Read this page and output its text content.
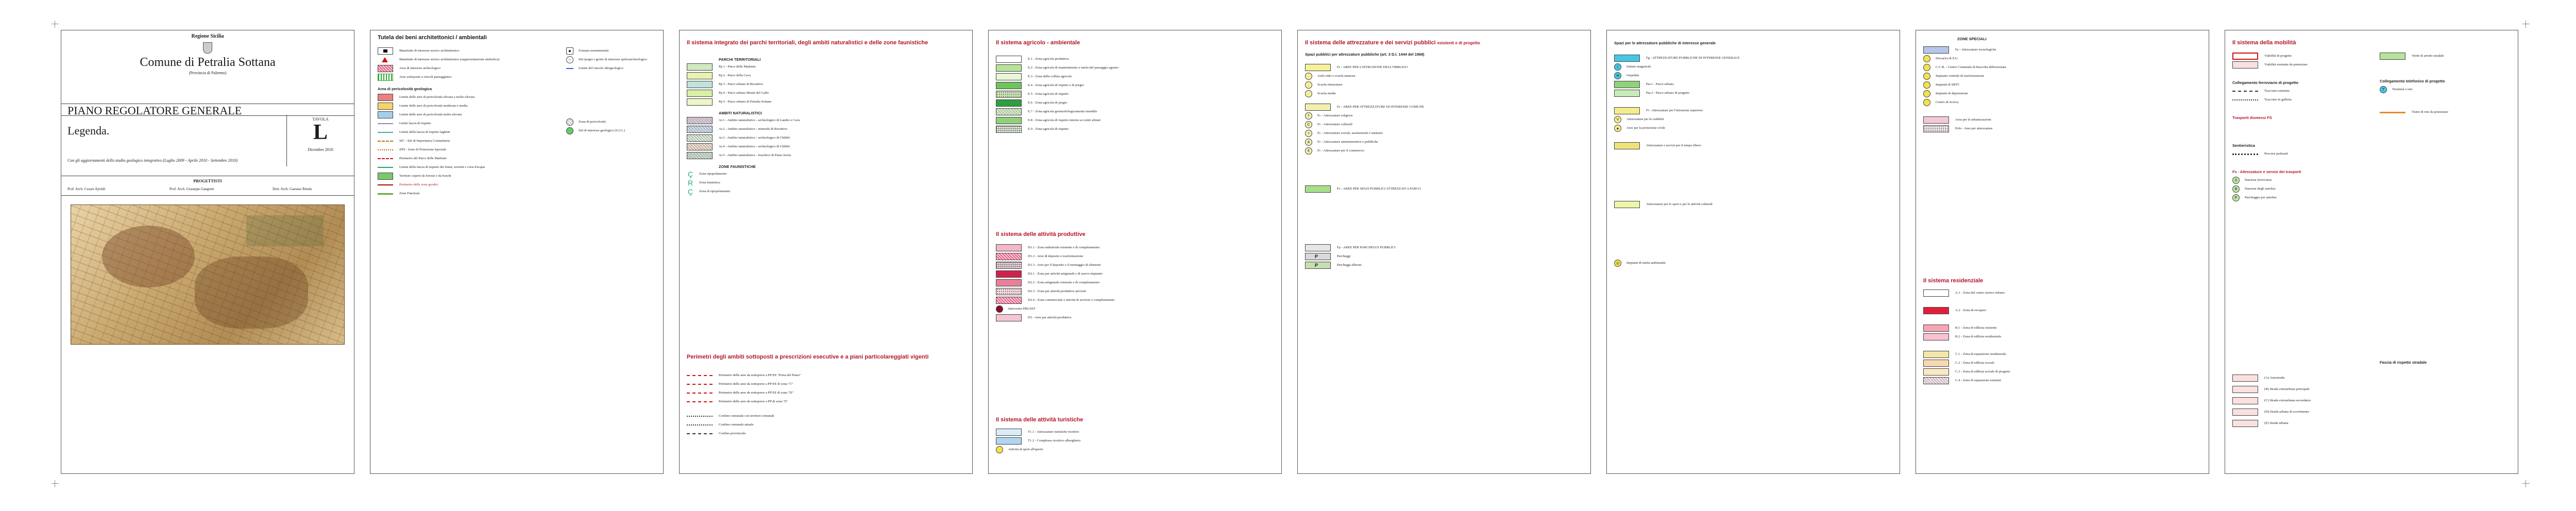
Regione Sicilia
Comune di Petralia Sottana
(Provincia di Palermo)
PIANO REGOLATORE GENERALE
Legenda.
TAVOLA
L
Dicembre 2010
Con gli aggiornamenti dello studio geologico integrativo (Luglio 2009 - Aprile 2010 - Settembre 2010)
PROGETTISTI
Prof. Arch. Cesare Ajroldi	Prof. Arch. Giuseppe Gangemi	Dott. Arch. Gaetano Renda
Tutela dei beni architettonici / ambientali
Manufatto di interesse storico architettonico
Manufatto di interesse storico architettonico (rappresentazione simbolica)
Area di interesse archeologico
Aree sottoposte a vincoli paesaggistici
Area di pericolosità geologica
Limite delle aree di pericolosità elevata e molto elevata
Limite delle aree di pericolosità moderata e media
Limite delle aree di pericolosità molto elevata
Limiti fascia di rispetto
Limite della fascia di rispetto laghetti
SIC - Siti di Importanza Comunitaria
ZPS - Zone di Protezione Speciale
Perimetro del Parco delle Madonie
Limite della fascia di rispetto dei fiumi, torrenti e corsi d'acqua
Territori coperti da foreste e da boschi
Perimetro delle zone geodici
Zone Funzione
◆	Fontana monumentale
∩	Siti ipogei e grotte di interesse speleoarcheologico
Limite del vincolo idrogeologico
Zona di pericolosità
Siti di interesse geologico (S.I.G.)
Il sistema integrato dei parchi territoriali, degli ambiti naturalistici e delle zone faunistiche
PARCHI TERRITORIALI
Pp.1 - Parco delle Madonie
Pp.2 - Parco della Cava
Pp.3 - Parco urbano di Recattivo
Pp.4 - Parco urbano Monte del Gallo
Pp.5 - Parco urbano di Petralia Sottana
AMBITI NATURALISTICI
Ar.1 - Ambito naturalistico - archeologico di Landro e Cava
Ar.2 - Ambito naturalistico - minerale di Recattivo
Ar.3 - Ambito naturalistico - archeologico di Chibbò
Ar.4 - Ambito naturalistico - archeologico di Chibbò
Ar.5 - Ambito naturalistico - boschivo di Piano Inven
ZONE FAUNISTICHE
Ç Zona ripopolamento
R Zona faunistica
Ç Zona di ripopolamento
Perimetri degli ambiti sottoposti a prescrizioni esecutive e a piani particolareggiati vigenti
Perimetro delle aree da sottoporre a PP EE "Porta del Piano"
Perimetro delle aree da sottoporre a PP EE di zona "C"
Perimetro delle aree da sottoporre a PP EE di zona "D"
Perimetro delle aree da sottoporre a PP di zona "E"
Confine comunale con territori comunali
Confine comunale attuale
Confine provinciale
Il sistema agricolo - ambientale
E.1 - Zona agricola produttiva
E.2 - Zona agricola di mantenimento e tutela del paesaggio agrario
E.3 - Zona della collina agricola
E.4 - Zona agricola di rispetto e di pregio
E.5 - Zona agricola di rispetto
E.6 - Zona agricola di pregio
E.7 - Zona agricola geomorfologicamente instabile
E.8 - Zona agricola di rispetto intorno ai centri abitati
E.9 - Zona agricola di rispetto
Il sistema delle attività produttive
D1.1 - Zona industriale esistente e di completamento
D1.2 - Aree di deposito e trasformazione
D1.3 - Aree per il deposito e il montaggio di elementi
D2.1 - Zona per attività artigianali e di nuovo impianto
D2.2 - Zona artigianale esistente e di completamento
D2.3 - Zona per attività produttive previste
D2.4 - Zona commerciale e attività di servizio e completamento
Intervento PRUSST
D3 - Aree per attività produttive
Il sistema delle attività turistiche
T1.1 - Attrezzature turistiche ricettive
T1.2 - Complesso ricettivo alberghiero
Attività di sport all'aperto
Il sistema delle attrezzature e dei servizi pubblici esistenti e di progetto
Spazi pubblici per attrezzature pubbliche (art. 3 D.I. 1444 del 1968)
Fs - AREE PER L'ISTRUZIONE DELL'OBBLIGO
·	Asilo nido e scuola materna
·	Scuola elementare
·	Scuola media
Fc - AREE PER ATTREZZATURE DI INTERESSE COMUNE
†	Fc - Attrezzature religiose
C	Fc - Attrezzature culturali
+	Fc - Attrezzature sociali, assistenziali e sanitarie
A	Fc - Attrezzature amministrative e pubbliche
€	Fc - Attrezzature per il commercio
Fv - AREE PER SPAZI PUBBLICI ATTREZZATI A PARCO
Fp - AREE PER PARCHEGGI PUBBLICI
P	Parcheggi
P	Parcheggi alberati
Spazi per le attrezzature pubbliche di interesse generale
Fg - ATTREZZATURE PUBBLICHE DI INTERESSE GENERALE
I	Istituto magistrale
H	Ospedale
Par.1 - Parco urbano
Par.2 - Parco urbano di progetto
Fi - Attrezzature per l'istruzione superiore
V	Attrezzature per la viabilità
▲	Aree per la protezione civile
Attrezzature e servizi per il tempo libero
Attrezzature per lo sport e per le attività culturali
◎	Impianti di tutela ambientale
ZONE SPECIALI
Fa - Attrezzature tecnologiche
Discarica R.S.U.
C.C.R. - Centro Comunale di Raccolta differenziata
Impianto centrale di trasformazione
Impianti di SRTC
Impianti di depurazione
Centro di ricerca
Area per le urbanizzazioni
Polo - Aree per attrezzature
Il sistema residenziale
A.1 - Zona del centro storico urbano
A.2 - Zona di recupero
B.1 - Zona di edilizia esistente
B.2 - Zona di edilizia residenziale
C.1 - Zona di espansione residenziale
C.2 - Zona di edilizia sociale
C.3 - Zona di edilizia sociale di progetto
C.4 - Zone di espansione esistenti
Il sistema della mobilità
Viabilità di progetto
Viabilità esistente da potenziare
Collegamento ferroviario di progetto
Tracciato esistente
Tracciato in galleria
Trasporti dismessi FS
Sentieristica
Percorsi pedonali
Fs - Attrezzature e servizi dei trasporti
S	Stazione ferroviaria
B	Stazione degli autobus
P	Parcheggio per autobus
Verde di arredo stradale
Collegamento telefonico di progetto
T	Terminal e rete
Tratto di rete da potenziare
Fascia di rispetto stradale
(A) Autostrada
(B) Strada extraurbana principale
(C) Strada extraurbana secondaria
(D) Strada urbana di scorrimento
(E) Strada urbana
